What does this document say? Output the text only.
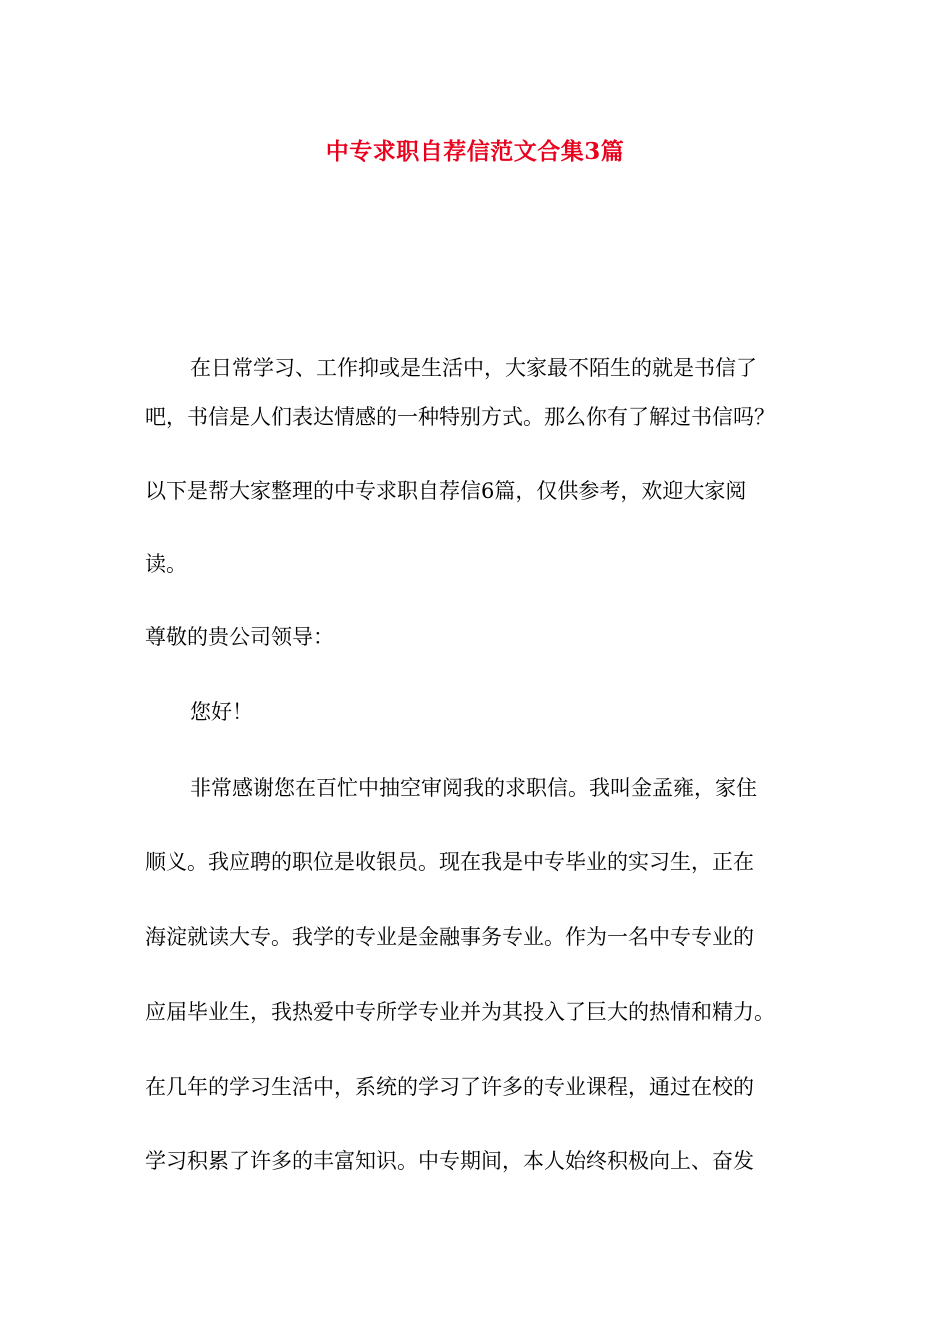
中专求职自荐信范文合集3篇
在日常学习、工作抑或是生活中，大家最不陌生的就是书信了
吧，书信是人们表达情感的一种特别方式。那么你有了解过书信吗？
以下是帮大家整理的中专求职自荐信6篇，仅供参考，欢迎大家阅
读。
尊敬的贵公司领导：
您好！
非常感谢您在百忙中抽空审阅我的求职信。我叫金孟雍，家住
顺义。我应聘的职位是收银员。现在我是中专毕业的实习生，正在
海淀就读大专。我学的专业是金融事务专业。作为一名中专专业的
应届毕业生，我热爱中专所学专业并为其投入了巨大的热情和精力。
在几年的学习生活中，系统的学习了许多的专业课程，通过在校的
学习积累了许多的丰富知识。中专期间，本人始终积极向上、奋发
